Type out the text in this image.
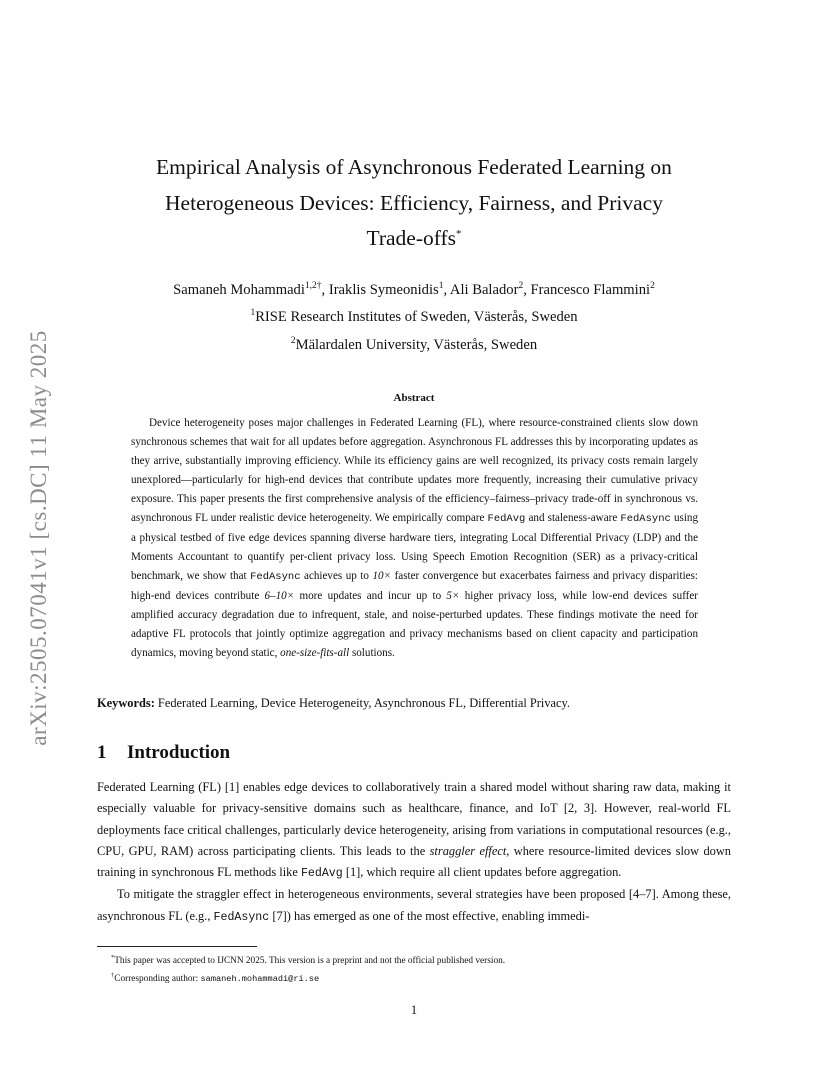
arXiv:2505.07041v1 [cs.DC] 11 May 2025
Empirical Analysis of Asynchronous Federated Learning on
Heterogeneous Devices: Efficiency, Fairness, and Privacy
Trade-offs*
Samaneh Mohammadi$^{1,2\dagger}$, Iraklis Symeonidis$^1$, Ali Balador$^2$, Francesco Flammini$^2$
$^1$RISE Research Institutes of Sweden, Västerås, Sweden
$^2$Mälardalen University, Västerås, Sweden
Abstract
Device heterogeneity poses major challenges in Federated Learning (FL), where resource-constrained clients slow down synchronous schemes that wait for all updates before aggregation. Asynchronous FL addresses this by incorporating updates as they arrive, substantially improving efficiency. While its efficiency gains are well recognized, its privacy costs remain largely unexplored—particularly for high-end devices that contribute updates more frequently, increasing their cumulative privacy exposure. This paper presents the first comprehensive analysis of the efficiency–fairness–privacy trade-off in synchronous vs. asynchronous FL under realistic device heterogeneity. We empirically compare FedAvg and staleness-aware FedAsync using a physical testbed of five edge devices spanning diverse hardware tiers, integrating Local Differential Privacy (LDP) and the Moments Accountant to quantify per-client privacy loss. Using Speech Emotion Recognition (SER) as a privacy-critical benchmark, we show that FedAsync achieves up to 10× faster convergence but exacerbates fairness and privacy disparities: high-end devices contribute 6–10× more updates and incur up to 5× higher privacy loss, while low-end devices suffer amplified accuracy degradation due to infrequent, stale, and noise-perturbed updates. These findings motivate the need for adaptive FL protocols that jointly optimize aggregation and privacy mechanisms based on client capacity and participation dynamics, moving beyond static, one-size-fits-all solutions.
Keywords: Federated Learning, Device Heterogeneity, Asynchronous FL, Differential Privacy.
1 Introduction

Federated Learning (FL) [1] enables edge devices to collaboratively train a shared model without sharing raw data, making it especially valuable for privacy-sensitive domains such as healthcare, finance, and IoT [2, 3]. However, real-world FL deployments face critical challenges, particularly device heterogeneity, arising from variations in computational resources (e.g., CPU, GPU, RAM) across participating clients. This leads to the straggler effect, where resource-limited devices slow down training in synchronous FL methods like FedAvg [1], which require all client updates before aggregation.

To mitigate the straggler effect in heterogeneous environments, several strategies have been proposed [4–7]. Among these, asynchronous FL (e.g., FedAsync [7]) has emerged as one of the most effective, enabling immedi-

*This paper was accepted to IJCNN 2025. This version is a preprint and not the official published version.
†Corresponding author: samaneh.mohammadi@ri.se
1
